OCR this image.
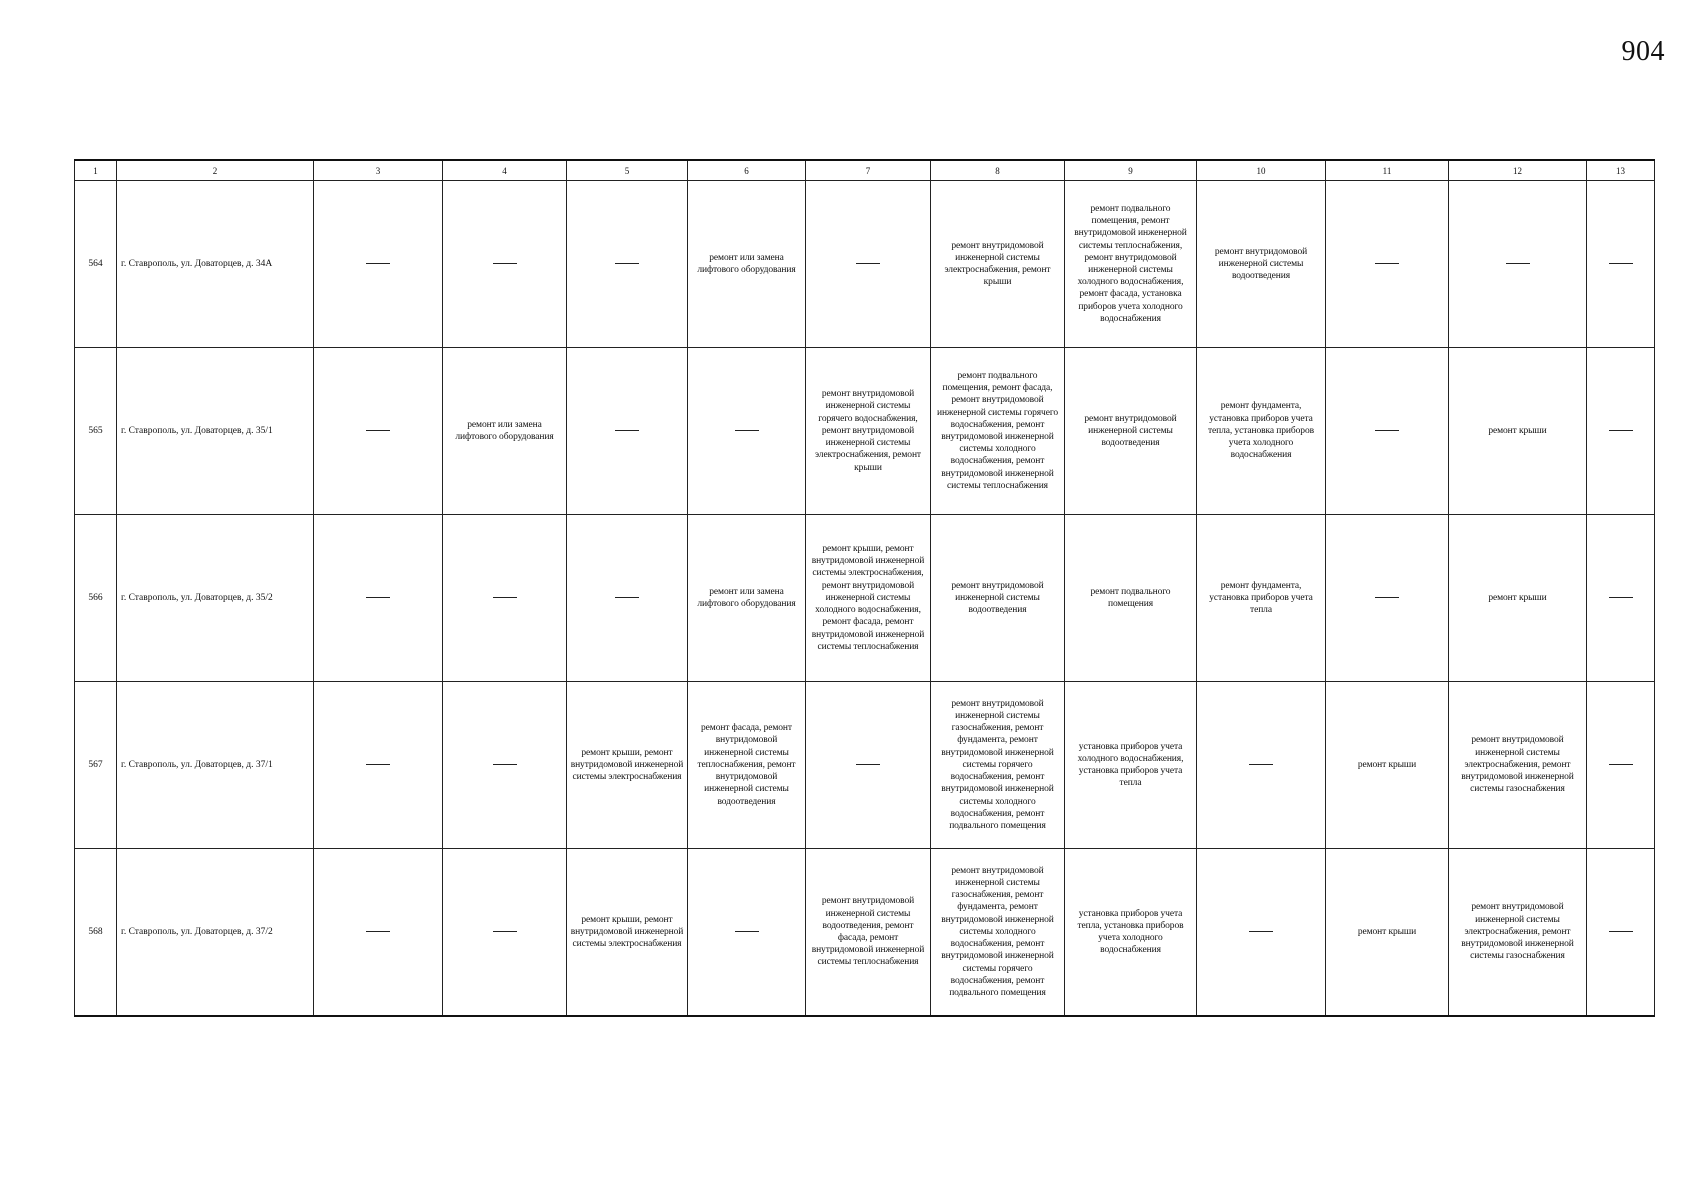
904
1	2	3	4	5	6	7	8	9	10	11	12	13
564	г. Ставрополь, ул. Доваторцев, д. 34А				ремонт или замена лифтового оборудования		ремонт внутридомовой инженерной системы электроснабжения, ремонт крыши	ремонт подвального помещения, ремонт внутридомовой инженерной системы теплоснабжения, ремонт внутридомовой инженерной системы холодного водоснабжения, ремонт фасада, установка приборов учета холодного водоснабжения	ремонт внутридомовой инженерной системы водоотведения			
565	г. Ставрополь, ул. Доваторцев, д. 35/1		ремонт или замена лифтового оборудования			ремонт внутридомовой инженерной системы горячего водоснабжения, ремонт внутридомовой инженерной системы электроснабжения, ремонт крыши	ремонт подвального помещения, ремонт фасада, ремонт внутридомовой инженерной системы горячего водоснабжения, ремонт внутридомовой инженерной системы холодного водоснабжения, ремонт внутридомовой инженерной системы теплоснабжения	ремонт внутридомовой инженерной системы водоотведения	ремонт фундамента, установка приборов учета тепла, установка приборов учета холодного водоснабжения		ремонт крыши	
566	г. Ставрополь, ул. Доваторцев, д. 35/2				ремонт или замена лифтового оборудования	ремонт крыши, ремонт внутридомовой инженерной системы электроснабжения, ремонт внутридомовой инженерной системы холодного водоснабжения, ремонт фасада, ремонт внутридомовой инженерной системы теплоснабжения	ремонт внутридомовой инженерной системы водоотведения	ремонт подвального помещения	ремонт фундамента, установка приборов учета тепла		ремонт крыши	
567	г. Ставрополь, ул. Доваторцев, д. 37/1			ремонт крыши, ремонт внутридомовой инженерной системы электроснабжения	ремонт фасада, ремонт внутридомовой инженерной системы теплоснабжения, ремонт внутридомовой инженерной системы водоотведения		ремонт внутридомовой инженерной системы газоснабжения, ремонт фундамента, ремонт внутридомовой инженерной системы горячего водоснабжения, ремонт внутридомовой инженерной системы холодного водоснабжения, ремонт подвального помещения	установка приборов учета холодного водоснабжения, установка приборов учета тепла		ремонт крыши	ремонт внутридомовой инженерной системы электроснабжения, ремонт внутридомовой инженерной системы газоснабжения	
568	г. Ставрополь, ул. Доваторцев, д. 37/2			ремонт крыши, ремонт внутридомовой инженерной системы электроснабжения		ремонт внутридомовой инженерной системы водоотведения, ремонт фасада, ремонт внутридомовой инженерной системы теплоснабжения	ремонт внутридомовой инженерной системы газоснабжения, ремонт фундамента, ремонт внутридомовой инженерной системы холодного водоснабжения, ремонт внутридомовой инженерной системы горячего водоснабжения, ремонт подвального помещения	установка приборов учета тепла, установка приборов учета холодного водоснабжения		ремонт крыши	ремонт внутридомовой инженерной системы электроснабжения, ремонт внутридомовой инженерной системы газоснабжения	
